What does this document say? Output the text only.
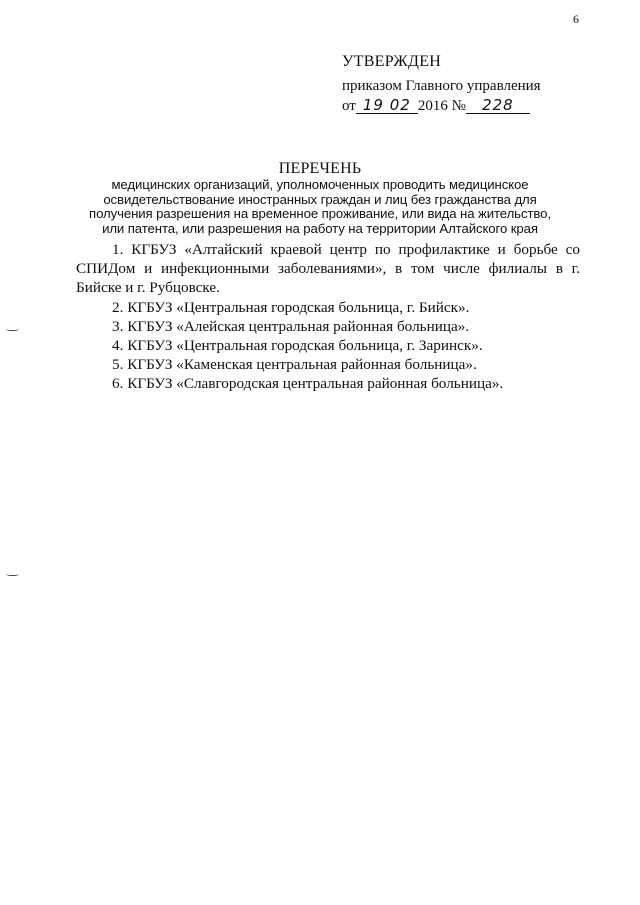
6
УТВЕРЖДЕН
приказом Главного управления
от 19 02 2016 № 228
ПЕРЕЧЕНЬ
медицинских организаций, уполномоченных проводить медицинское
освидетельствование иностранных граждан и лиц без гражданства для
получения разрешения на временное проживание, или вида на жительство,
или патента, или разрешения на работу на территории Алтайского края
1. КГБУЗ «Алтайский краевой центр по профилактике и борьбе со СПИДом и инфекционными заболеваниями», в том числе филиалы в г. Бийске и г. Рубцовске.
2. КГБУЗ «Центральная городская больница, г. Бийск».
3. КГБУЗ «Алейская центральная районная больница».
4. КГБУЗ «Центральная городская больница, г. Заринск».
5. КГБУЗ «Каменская центральная районная больница».
6. КГБУЗ «Славгородская центральная районная больница».
